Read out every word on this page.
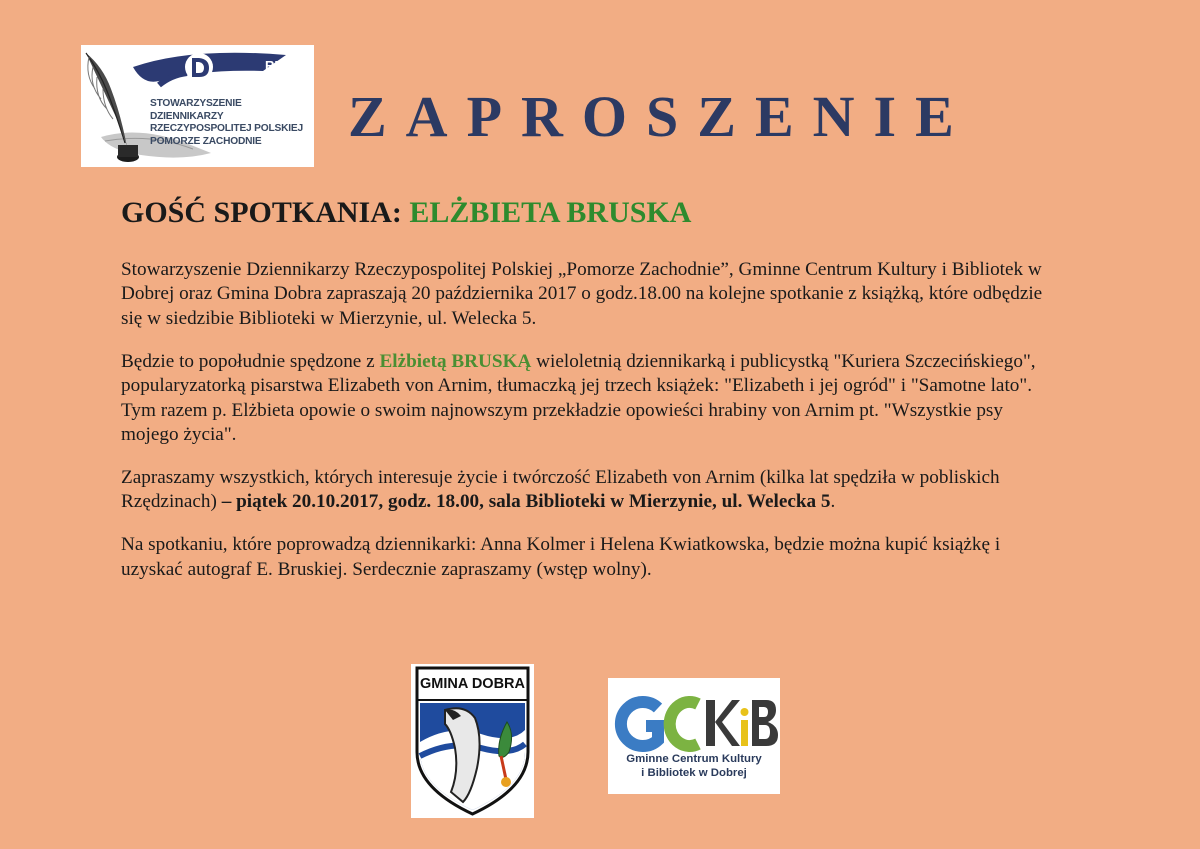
RP
STOWARZYSZENIE DZIENNIKARZY
RZECZYPOSPOLITEJ POLSKIEJ
POMORZE ZACHODNIE	ZAPROSZENIE
GOŚĆ SPOTKANIA: ELŻBIETA BRUSKA

Stowarzyszenie Dziennikarzy Rzeczypospolitej Polskiej „Pomorze Zachodnie”, Gminne Centrum Kultury i Bibliotek w Dobrej oraz Gmina Dobra zapraszają 20 października 2017 o godz.18.00 na kolejne spotkanie z książką, które odbędzie się w siedzibie Biblioteki w Mierzynie, ul. Welecka 5.

Będzie to popołudnie spędzone z Elżbietą BRUSKĄ wieloletnią dziennikarką i publicystką "Kuriera Szczecińskiego", popularyzatorką pisarstwa Elizabeth von Arnim, tłumaczką jej trzech książek: "Elizabeth i jej ogród" i "Samotne lato". Tym razem p. Elżbieta opowie o swoim najnowszym przekładzie opowieści hrabiny von Arnim pt. "Wszystkie psy mojego życia".

Zapraszamy wszystkich, których interesuje życie i twórczość Elizabeth von Arnim (kilka lat spędziła w pobliskich Rzędzinach) – piątek 20.10.2017, godz. 18.00, sala Biblioteki w Mierzynie, ul. Welecka 5.

Na spotkaniu, które poprowadzą dziennikarki: Anna Kolmer i Helena Kwiatkowska, będzie można kupić książkę i uzyskać autograf E. Bruskiej. Serdecznie zapraszamy (wstęp wolny).

GMINA DOBRA
Gminne Centrum Kultury
i Bibliotek w Dobrej
